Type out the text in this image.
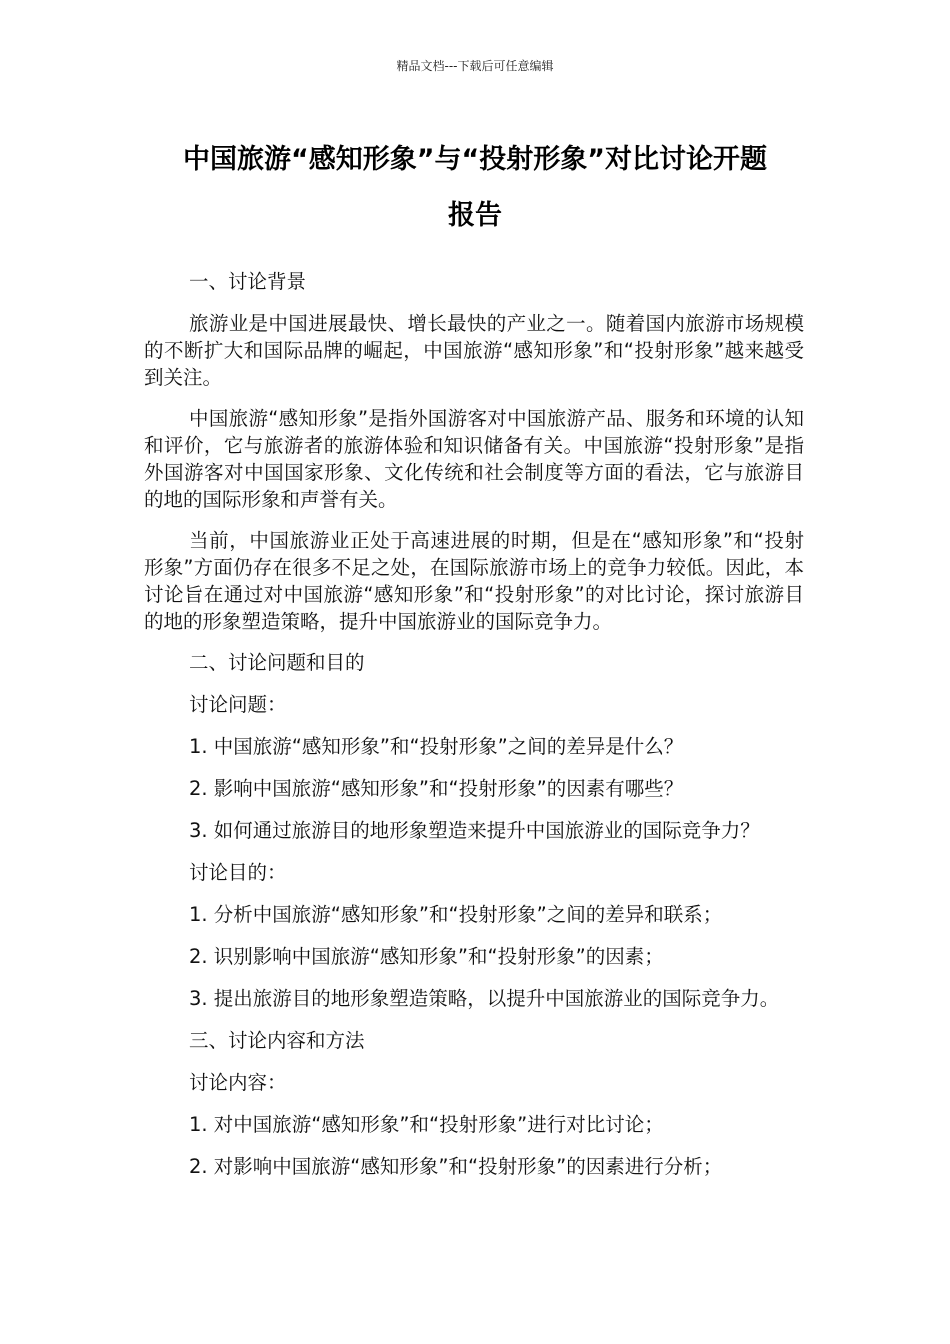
精品文档---下载后可任意编辑
中国旅游“感知形象”与“投射形象”对比讨论开题
报告
一、讨论背景

旅游业是中国进展最快、增长最快的产业之一。随着国内旅游市场规模的不断扩大和国际品牌的崛起，中国旅游“感知形象”和“投射形象”越来越受到关注。

中国旅游“感知形象”是指外国游客对中国旅游产品、服务和环境的认知和评价，它与旅游者的旅游体验和知识储备有关。中国旅游“投射形象”是指外国游客对中国国家形象、文化传统和社会制度等方面的看法，它与旅游目的地的国际形象和声誉有关。

当前，中国旅游业正处于高速进展的时期，但是在“感知形象”和“投射形象”方面仍存在很多不足之处，在国际旅游市场上的竞争力较低。因此，本讨论旨在通过对中国旅游“感知形象”和“投射形象”的对比讨论，探讨旅游目的地的形象塑造策略，提升中国旅游业的国际竞争力。

二、讨论问题和目的
讨论问题：
1. 中国旅游“感知形象”和“投射形象”之间的差异是什么？
2. 影响中国旅游“感知形象”和“投射形象”的因素有哪些？
3. 如何通过旅游目的地形象塑造来提升中国旅游业的国际竞争力？
讨论目的：
1. 分析中国旅游“感知形象”和“投射形象”之间的差异和联系；
2. 识别影响中国旅游“感知形象”和“投射形象”的因素；
3. 提出旅游目的地形象塑造策略，以提升中国旅游业的国际竞争力。
三、讨论内容和方法
讨论内容：
1. 对中国旅游“感知形象”和“投射形象”进行对比讨论；
2. 对影响中国旅游“感知形象”和“投射形象”的因素进行分析；
